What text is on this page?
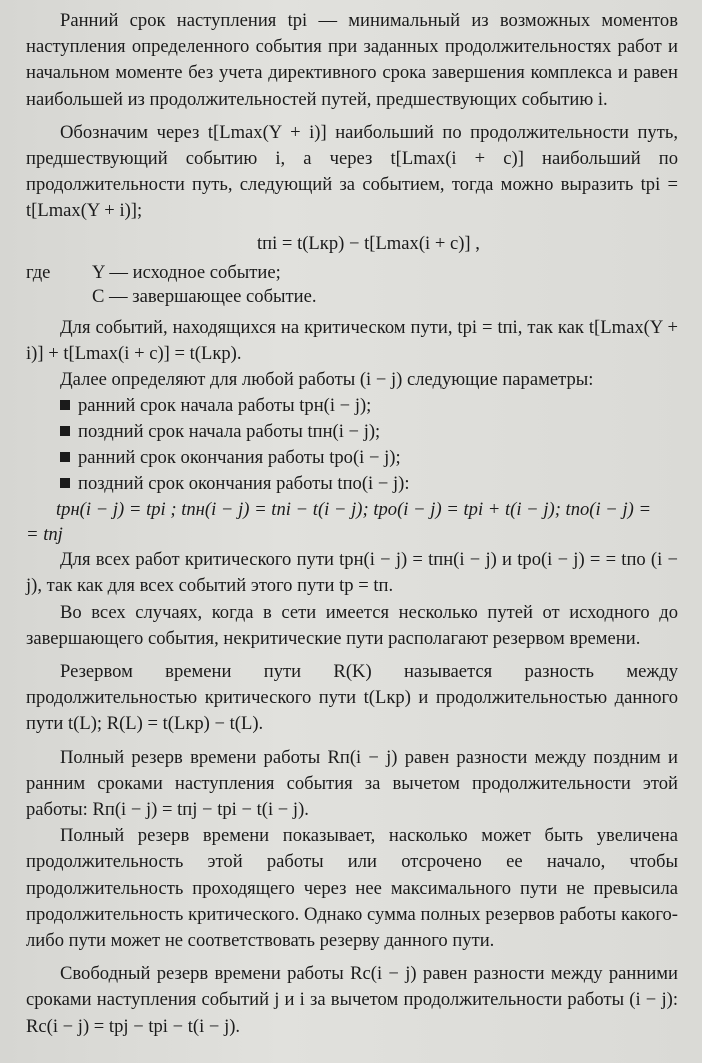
Ранний срок наступления tpi — минимальный из возможных моментов наступления определенного события при заданных продолжительностях работ и начальном моменте без учета директивного срока завершения комплекса и равен наибольшей из продолжительностей путей, предшествующих событию i.

Обозначим через t[Lmax(Y + i)] наибольший по продолжительности путь, предшествующий событию i, а через t[Lmax(i + c)] наибольший по продолжительности путь, следующий за событием, тогда можно выразить tpi = t[Lmax(Y + i)];

tпi = t(Lкр) − t[Lmax(i + c)] ,
где	Y — исходное событие;
C — завершающее событие.

Для событий, находящихся на критическом пути, tpi = tпi, так как t[Lmax(Y + i)] + t[Lmax(i + c)] = t(Lкр).

Далее определяют для любой работы (i − j) следующие параметры:

ранний срок начала работы tрн(i − j);
поздний срок начала работы tпн(i − j);
ранний срок окончания работы tро(i − j);
поздний срок окончания работы tпо(i − j):
tрн(i − j) = tpi ; tпн(i − j) = tпi − t(i − j); tро(i − j) = tpi + t(i − j); tпо(i − j) =
= tпj

Для всех работ критического пути tрн(i − j) = tпн(i − j) и tро(i − j) = = tпо (i − j), так как для всех событий этого пути tр = tп.

Во всех случаях, когда в сети имеется несколько путей от исходного до завершающего события, некритические пути располагают резервом времени.

Резервом времени пути R(K) называется разность между продолжительностью критического пути t(Lкр) и продолжительностью данного пути t(L); R(L) = t(Lкр) − t(L).

Полный резерв времени работы Rп(i − j) равен разности между поздним и ранним сроками наступления события за вычетом продолжительности этой работы: Rп(i − j) = tпj − tpi − t(i − j).

Полный резерв времени показывает, насколько может быть увеличена продолжительность этой работы или отсрочено ее начало, чтобы продолжительность проходящего через нее максимального пути не превысила продолжительность критического. Однако сумма полных резервов работы какого-либо пути может не соответствовать резерву данного пути.

Свободный резерв времени работы Rс(i − j) равен разности между ранними сроками наступления событий j и i за вычетом продолжительности работы (i − j): Rс(i − j) = tpj − tpi − t(i − j).
